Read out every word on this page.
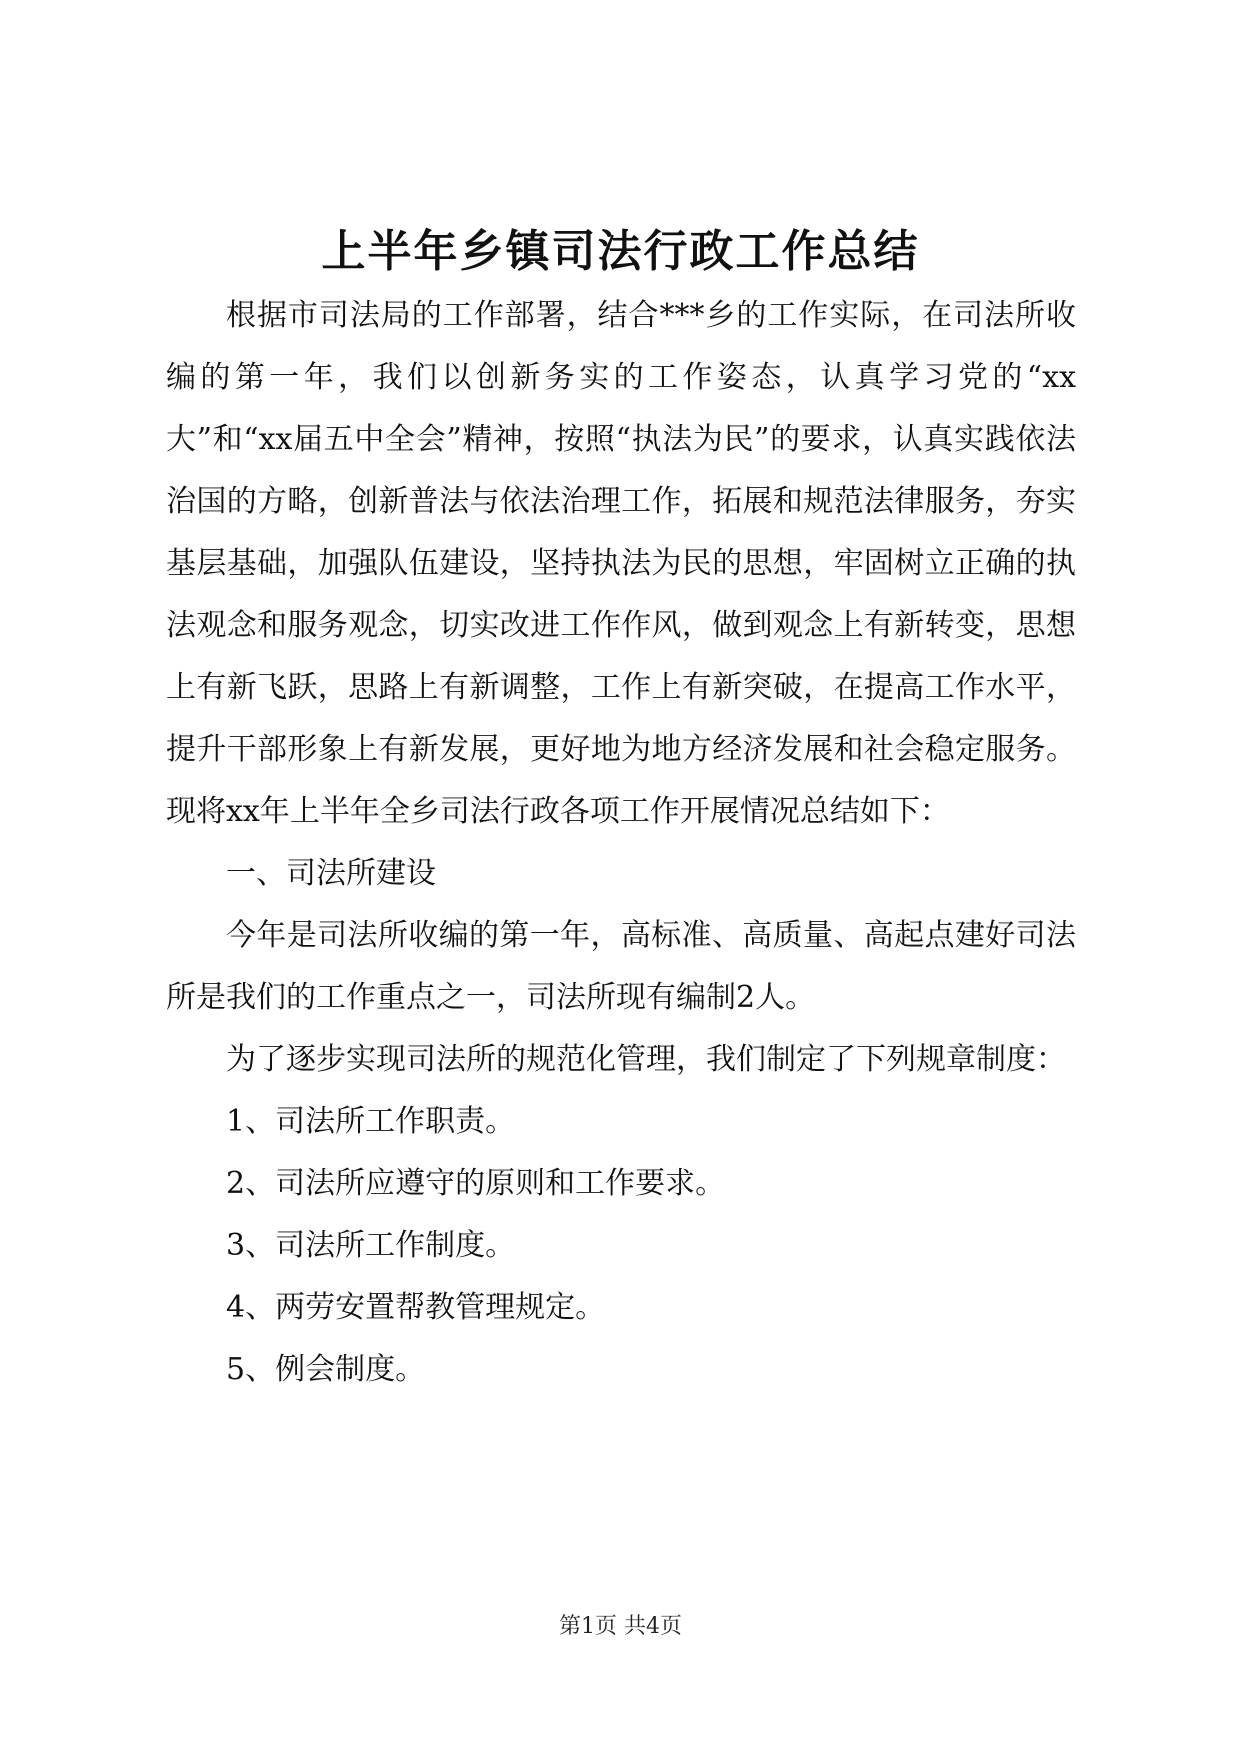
上半年乡镇司法行政工作总结

根据市司法局的工作部署，结合***乡的工作实际，在司法所收编的第一年，我们以创新务实的工作姿态，认真学习党的“xx大”和“xx届五中全会”精神，按照“执法为民”的要求，认真实践依法治国的方略，创新普法与依法治理工作，拓展和规范法律服务，夯实基层基础，加强队伍建设，坚持执法为民的思想，牢固树立正确的执法观念和服务观念，切实改进工作作风，做到观念上有新转变，思想上有新飞跃，思路上有新调整，工作上有新突破，在提高工作水平，提升干部形象上有新发展，更好地为地方经济发展和社会稳定服务。现将xx年上半年全乡司法行政各项工作开展情况总结如下：

一、司法所建设

今年是司法所收编的第一年，高标准、高质量、高起点建好司法所是我们的工作重点之一，司法所现有编制2人。

为了逐步实现司法所的规范化管理，我们制定了下列规章制度：

1、司法所工作职责。

2、司法所应遵守的原则和工作要求。

3、司法所工作制度。

4、两劳安置帮教管理规定。

5、例会制度。

第1页 共4页
